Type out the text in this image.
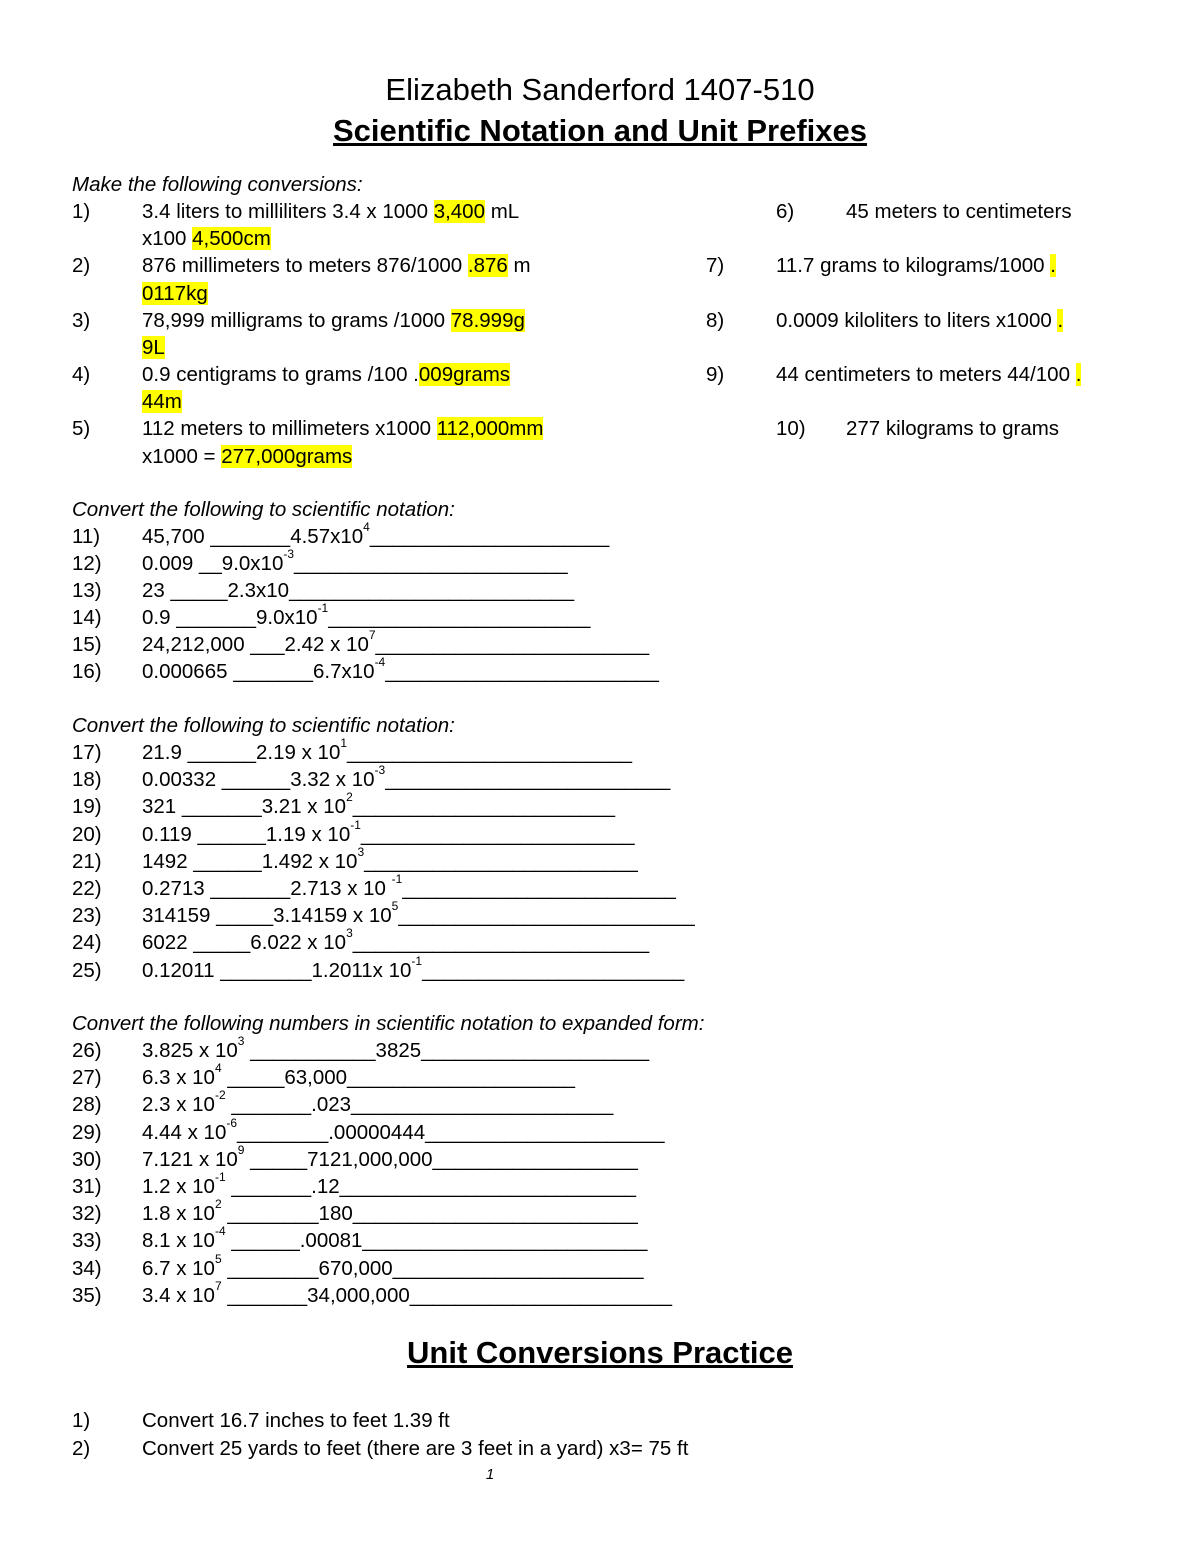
Elizabeth Sanderford 1407-510
Scientific Notation and Unit Prefixes
Make the following conversions:
1)	3.4 liters to milliliters 3.4 x 1000 3,400 mL
x100 4,500cm
2)	876 millimeters to meters 876/1000 .876 m
0117kg
3)	78,999 milligrams to grams /1000 78.999g
9L
4)	0.9 centigrams to grams /100 .009grams
44m
5)	112 meters to millimeters x1000 112,000mm
x1000 = 277,000grams
6)	45 meters to centimeters
7)	11.7 grams to kilograms/1000 .
8)	0.0009 kiloliters to liters x1000 .
9)	44 centimeters to meters 44/100 .
10) 277 kilograms to grams
Convert the following to scientific notation:
11) 45,700 $\_\_\_\_\_\_\_4.57x10^4\_\_\_\_\_\_\_\_\_\_\_\_\_\_\_\_\_\_\_\_\_$
12) 0.009 $\_\_9.0x10^{-3}\_\_\_\_\_\_\_\_\_\_\_\_\_\_\_\_\_\_\_\_\_\_\_\_$
13) 23 _____2.3x10_________________________
14) 0.9 $\_\_\_\_\_\_\_9.0x10^{-1}\_\_\_\_\_\_\_\_\_\_\_\_\_\_\_\_\_\_\_\_\_\_\_$
15) 24,212,000 ___2.42 x $10^7\_\_\_\_\_\_\_\_\_\_\_\_\_\_\_\_\_\_\_\_\_\_\_\_$
16) 0.000665 $\_\_\_\_\_\_\_6.7x10^{-4}\_\_\_\_\_\_\_\_\_\_\_\_\_\_\_\_\_\_\_\_\_\_\_\_$
Convert the following to scientific notation:
17) 21.9 ______2.19 x $10^1\_\_\_\_\_\_\_\_\_\_\_\_\_\_\_\_\_\_\_\_\_\_\_\_\_$
18) 0.00332 ______3.32 x $10^{-3}\_\_\_\_\_\_\_\_\_\_\_\_\_\_\_\_\_\_\_\_\_\_\_\_\_$
19) 321 _______3.21 x $10^2\_\_\_\_\_\_\_\_\_\_\_\_\_\_\_\_\_\_\_\_\_\_\_$
20) 0.119 ______1.19 x $10^{-1}\_\_\_\_\_\_\_\_\_\_\_\_\_\_\_\_\_\_\_\_\_\_\_\_$
21) 1492 ______1.492 x $10^3\_\_\_\_\_\_\_\_\_\_\_\_\_\_\_\_\_\_\_\_\_\_\_\_$
22) 0.2713 _______2.713 x 10 $^{-1}$________________________
23) 314159 _____3.14159 x $10^5\_\_\_\_\_\_\_\_\_\_\_\_\_\_\_\_\_\_\_\_\_\_\_\_\_\_$
24) 6022 _____6.022 x $10^3\_\_\_\_\_\_\_\_\_\_\_\_\_\_\_\_\_\_\_\_\_\_\_\_\_\_$
25) 0.12011 ________1.2011x $10^{-1}\_\_\_\_\_\_\_\_\_\_\_\_\_\_\_\_\_\_\_\_\_\_\_$
Convert the following numbers in scientific notation to expanded form:
26) 3.825 x $10^3$ ___________3825____________________
27) 6.3 x $10^4$ _____63,000____________________
28) 2.3 x $10^{-2}$ _______.023_______________________
29) 4.44 x $10^{-6}\_\_\_\_\_\_\_\_.00000444\_\_\_\_\_\_\_\_\_\_\_\_\_\_\_\_\_\_\_\_\_$
30) 7.121 x $10^9$ _____7121,000,000__________________
31) 1.2 x $10^{-1}$ _______.12__________________________
32) 1.8 x $10^2$ ________180_________________________
33) 8.1 x $10^{-4}$ ______.00081_________________________
34) 6.7 x $10^5$ ________670,000______________________
35) 3.4 x $10^7$ _______34,000,000_______________________
Unit Conversions Practice
1)	Convert 16.7 inches to feet 1.39 ft
2)	Convert 25 yards to feet (there are 3 feet in a yard) x3= 75 ft
1
